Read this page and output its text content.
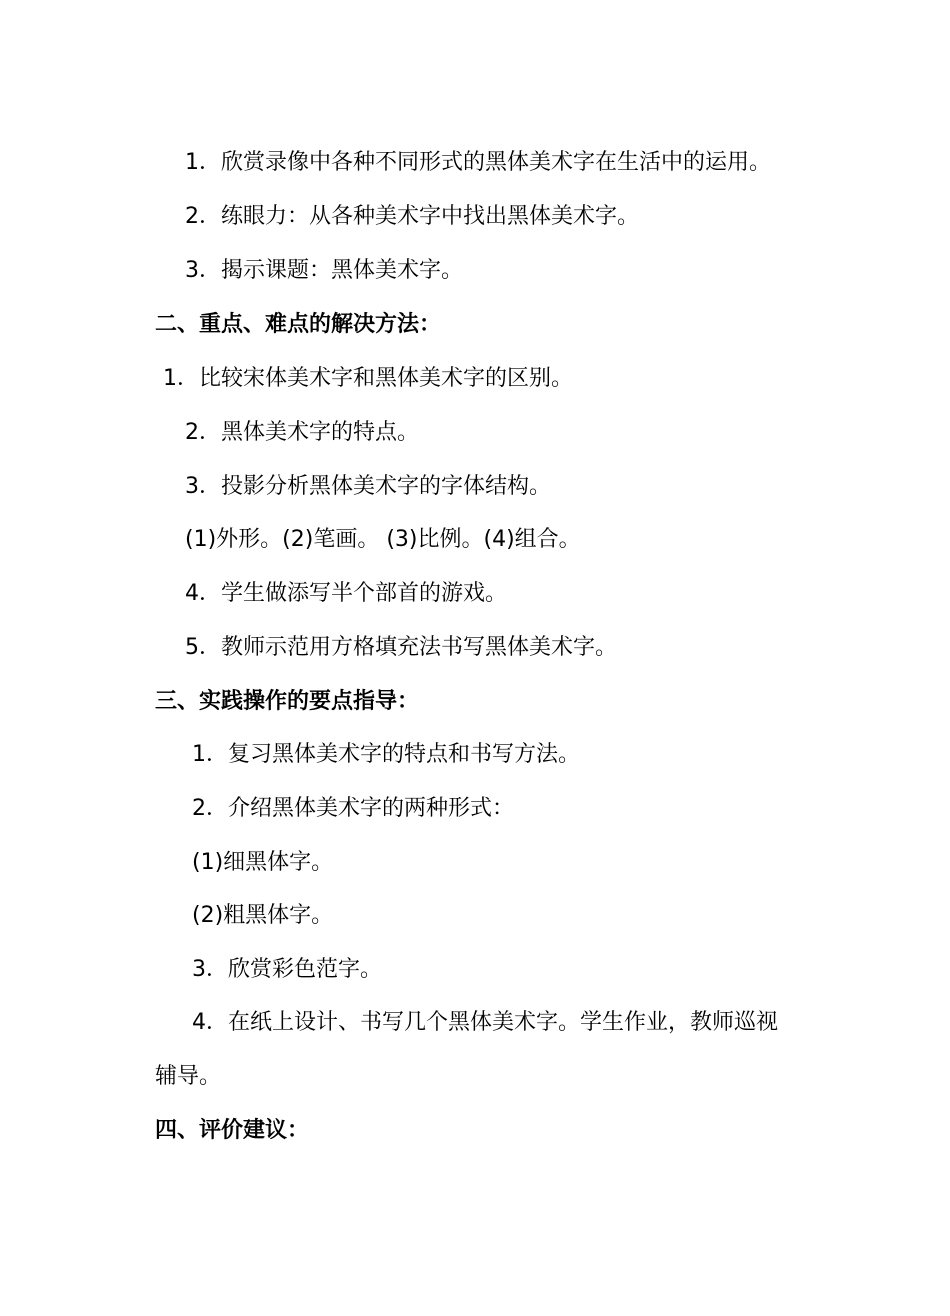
1．欣赏录像中各种不同形式的黑体美术字在生活中的运用。
2．练眼力：从各种美术字中找出黑体美术字。
3．揭示课题：黑体美术字。
二、重点、难点的解决方法：
1．比较宋体美术字和黑体美术字的区别。
2．黑体美术字的特点。
3．投影分析黑体美术字的字体结构。
(1)外形。(2)笔画。 (3)比例。(4)组合。
4．学生做添写半个部首的游戏。
5．教师示范用方格填充法书写黑体美术字。
三、实践操作的要点指导：
1．复习黑体美术字的特点和书写方法。
2．介绍黑体美术字的两种形式：
(1)细黑体字。
(2)粗黑体字。
3．欣赏彩色范字。
4．在纸上设计、书写几个黑体美术字。学生作业，教师巡视
辅导。
四、评价建议：
